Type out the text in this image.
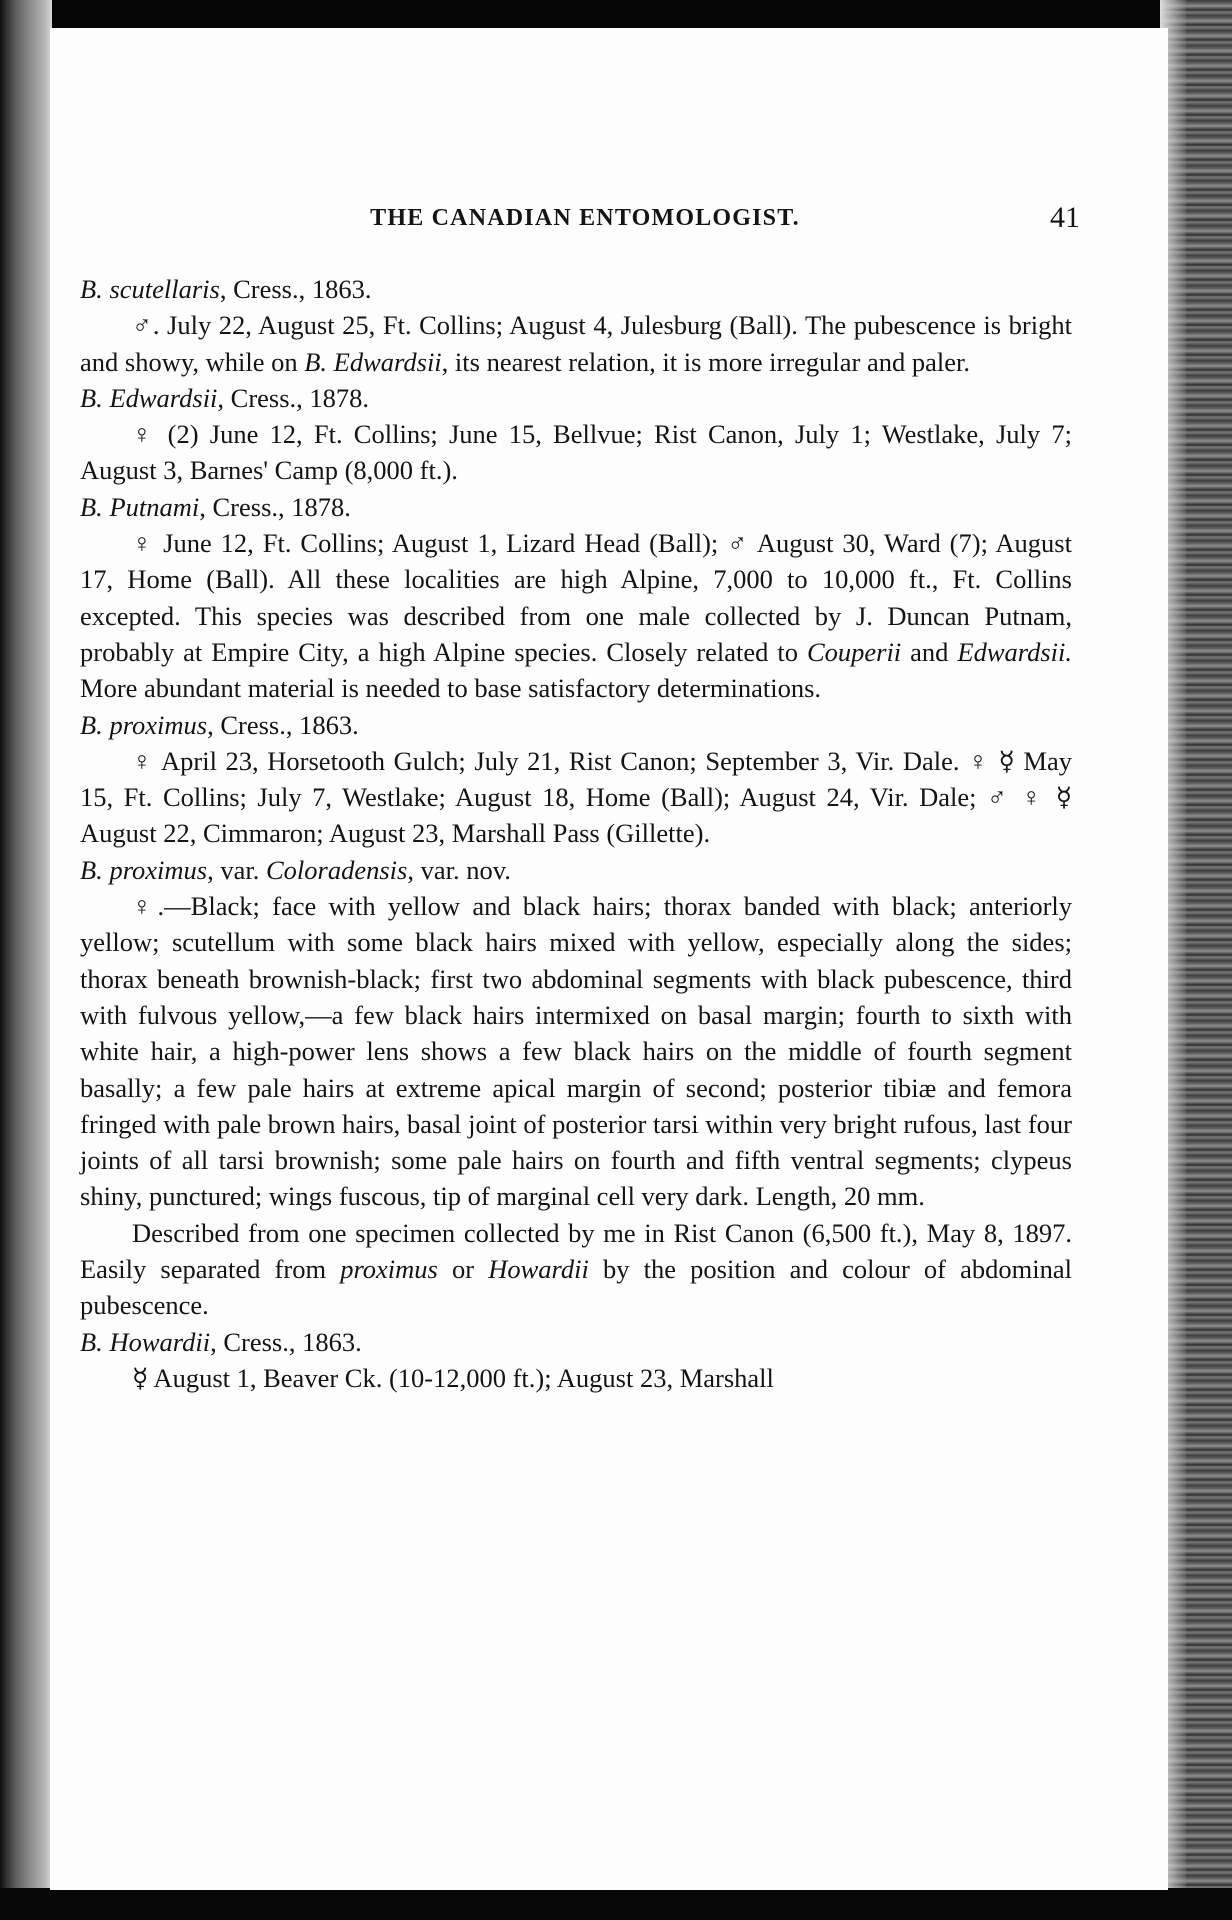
THE CANADIAN ENTOMOLOGIST.	41

B. scutellaris, Cress., 1863.

♂. July 22, August 25, Ft. Collins; August 4, Julesburg (Ball). The pubescence is bright and showy, while on B. Edwardsii, its nearest relation, it is more irregular and paler.

B. Edwardsii, Cress., 1878.

♀ (2) June 12, Ft. Collins; June 15, Bellvue; Rist Canon, July 1; Westlake, July 7; August 3, Barnes' Camp (8,000 ft.).

B. Putnami, Cress., 1878.

♀ June 12, Ft. Collins; August 1, Lizard Head (Ball); ♂ August 30, Ward (7); August 17, Home (Ball). All these localities are high Alpine, 7,000 to 10,000 ft., Ft. Collins excepted. This species was described from one male collected by J. Duncan Putnam, probably at Empire City, a high Alpine species. Closely related to Couperii and Edwardsii. More abundant material is needed to base satisfactory determinations.

B. proximus, Cress., 1863.

♀ April 23, Horsetooth Gulch; July 21, Rist Canon; September 3, Vir. Dale. ♀ ☿ May 15, Ft. Collins; July 7, Westlake; August 18, Home (Ball); August 24, Vir. Dale; ♂ ♀ ☿ August 22, Cimmaron; August 23, Marshall Pass (Gillette).

B. proximus, var. Coloradensis, var. nov.

♀.—Black; face with yellow and black hairs; thorax banded with black; anteriorly yellow; scutellum with some black hairs mixed with yellow, especially along the sides; thorax beneath brownish-black; first two abdominal segments with black pubescence, third with fulvous yellow,—a few black hairs intermixed on basal margin; fourth to sixth with white hair, a high-power lens shows a few black hairs on the middle of fourth segment basally; a few pale hairs at extreme apical margin of second; posterior tibiæ and femora fringed with pale brown hairs, basal joint of posterior tarsi within very bright rufous, last four joints of all tarsi brownish; some pale hairs on fourth and fifth ventral segments; clypeus shiny, punctured; wings fuscous, tip of marginal cell very dark. Length, 20 mm.

Described from one specimen collected by me in Rist Canon (6,500 ft.), May 8, 1897. Easily separated from proximus or Howardii by the position and colour of abdominal pubescence.

B. Howardii, Cress., 1863.

☿ August 1, Beaver Ck. (10-12,000 ft.); August 23, Marshall
